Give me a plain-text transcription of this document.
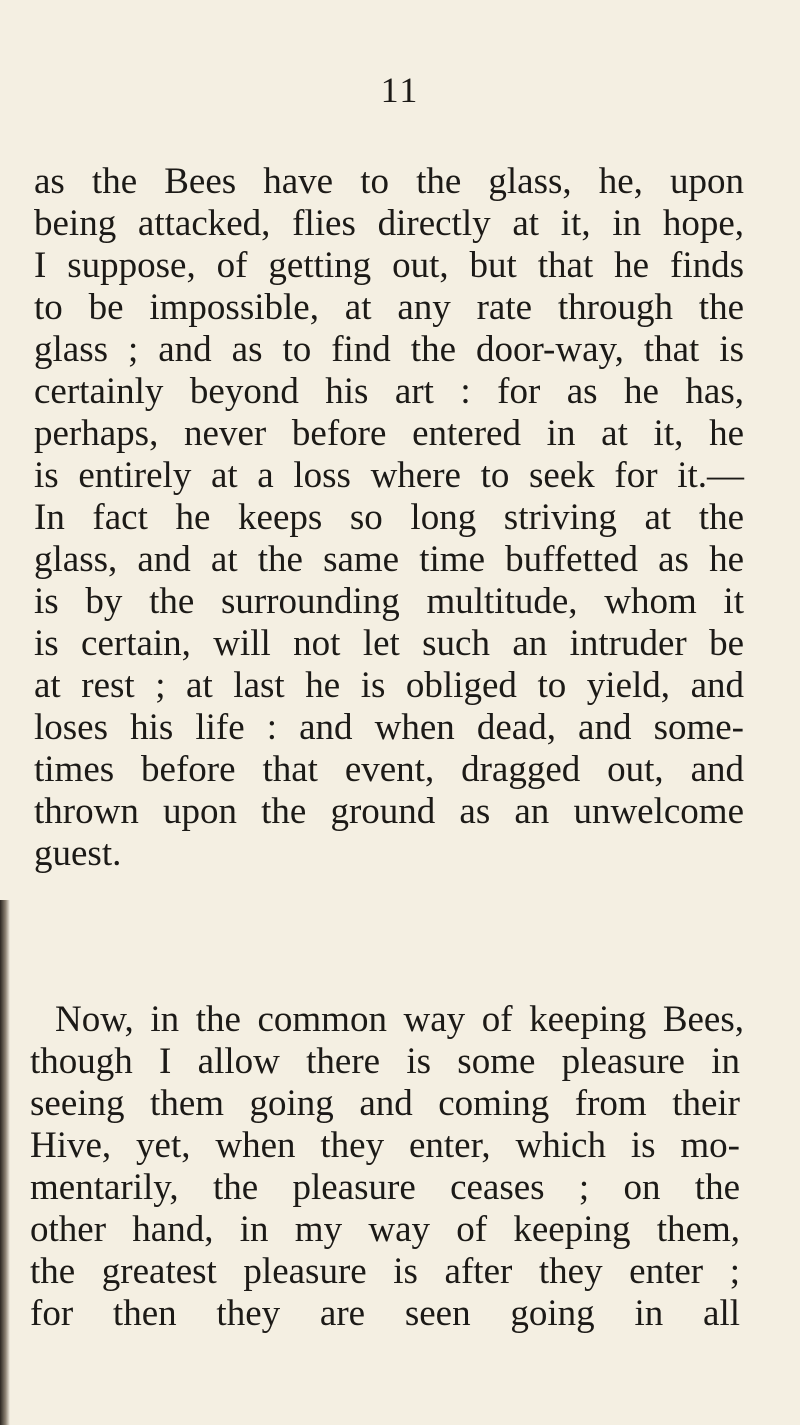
11
as the Bees have to the glass, he, upon
being attacked, flies directly at it, in hope,
I suppose, of getting out, but that he finds
to be impossible, at any rate through the
glass ; and as to find the door-way, that is
certainly beyond his art : for as he has,
perhaps, never before entered in at it, he
is entirely at a loss where to seek for it.—
In fact he keeps so long striving at the
glass, and at the same time buffetted as he
is by the surrounding multitude, whom it
is certain, will not let such an intruder be
at rest ; at last he is obliged to yield, and
loses his life : and when dead, and some-
times before that event, dragged out, and
thrown upon the ground as an unwelcome
guest.
Now, in the common way of keeping Bees,
though I allow there is some pleasure in
seeing them going and coming from their
Hive, yet, when they enter, which is mo-
mentarily, the pleasure ceases ; on the
other hand, in my way of keeping them,
the greatest pleasure is after they enter ;
for then they are seen going in all
